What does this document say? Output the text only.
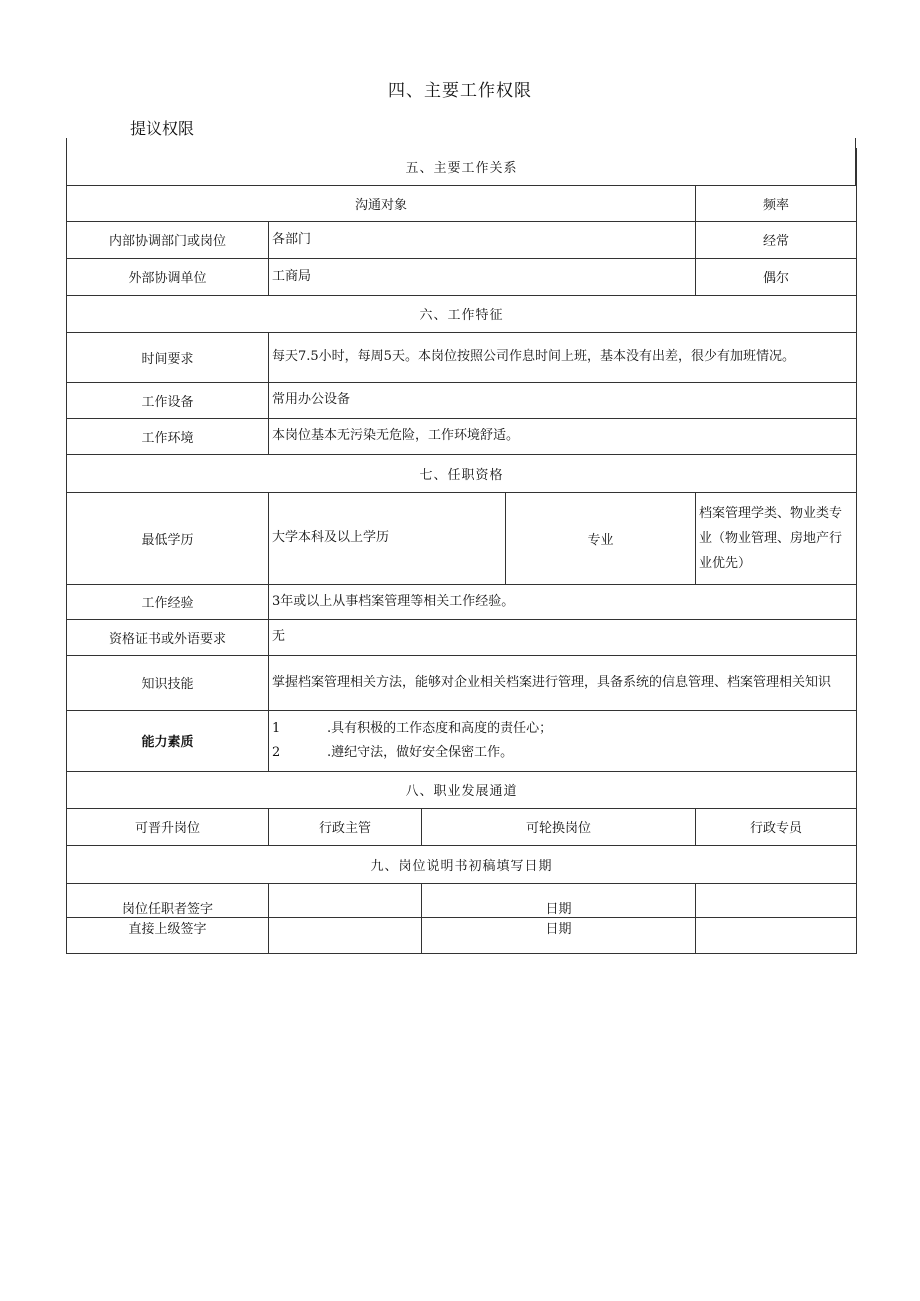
四、主要工作权限
提议权限
五、主要工作关系				
沟通对象				频率
内部协调部门或岗位	各部门			经常
外部协调单位	工商局			偶尔
六、工作特征				
时间要求	每天7.5小时，每周5天。本岗位按照公司作息时间上班，基本没有出差，很少有加班情况。			
工作设备	常用办公设备			
工作环境	本岗位基本无污染无危险，工作环境舒适。			
七、任职资格				
最低学历	大学本科及以上学历		专业	档案管理学类、物业类专业（物业管理、房地产行业优先）
工作经验	3年或以上从事档案管理等相关工作经验。			
资格证书或外语要求	无			
知识技能	掌握档案管理相关方法，能够对企业相关档案进行管理，具备系统的信息管理、档案管理相关知识			
能力素质	1 .具有积极的工作态度和高度的责任心；
2 .遵纪守法，做好安全保密工作。			

八、职业发展通道				
可晋升岗位	行政主管	可轮换岗位		行政专员
九、岗位说明书初稿填写日期				
岗位任职者签字		日期		
直接上级签字		日期		
